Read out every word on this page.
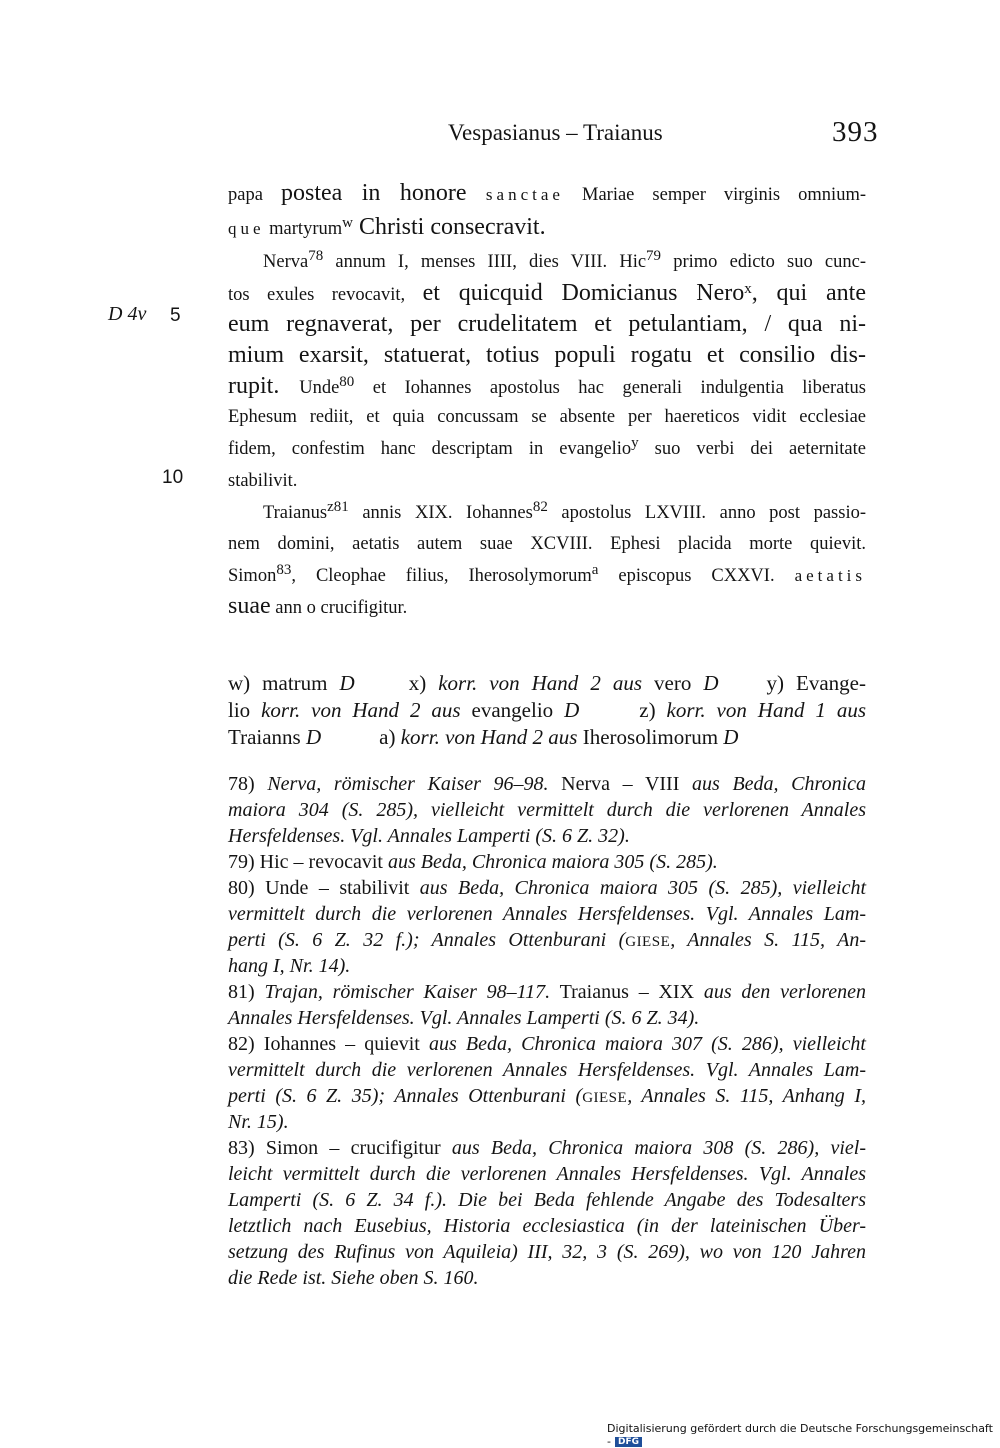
Vespasianus – Traianus	393
D 4v 5
10
papa postea in honore sanctae Mariae semper virginis omnium-
que martyrum$^w$ Christi consecravit.
Nerva$^{78}$ annum I, menses IIII, dies VIII. Hic$^{79}$ primo edicto suo cunc-
tos exules revocavit, et quicquid Domicianus Nero$^x$, qui ante
eum regnaverat, per crudelitatem et petulantiam, / qua ni-
mium exarsit, statuerat, totius populi rogatu et consilio dis-
rupit. Unde$^{80}$ et Iohannes apostolus hac generali indulgentia liberatus
Ephesum rediit, et quia concussam se absente per haereticos vidit ecclesiae
fidem, confestim hanc descriptam in evangelio$^y$ suo verbi dei aeternitate
stabilivit.
Traianus$^{z81}$ annis XIX. Iohannes$^{82}$ apostolus LXVIII. anno post passio-
nem domini, aetatis autem suae XCVIII. Ephesi placida morte quievit.
Simon$^{83}$, Cleophae filius, Iherosolymorum$^a$ episcopus CXXVI. aetatis
suae ann o crucifigitur.
w) matrum D	x) korr. von Hand 2 aus vero D y) Evange-
lio korr. von Hand 2 aus evangelio D	z) korr. von Hand 1 aus
Traianns D	a) korr. von Hand 2 aus Iherosolimorum D
78) Nerva, römischer Kaiser 96–98. Nerva – VIII aus Beda, Chronica
maiora 304 (S. 285), vielleicht vermittelt durch die verlorenen Annales
Hersfeldenses. Vgl. Annales Lamperti (S. 6 Z. 32).
79) Hic – revocavit aus Beda, Chronica maiora 305 (S. 285).
80) Unde – stabilivit aus Beda, Chronica maiora 305 (S. 285), vielleicht
vermittelt durch die verlorenen Annales Hersfeldenses. Vgl. Annales Lam-
perti (S. 6 Z. 32 f.); Annales Ottenburani (GIESE, Annales S. 115, An-
hang I, Nr. 14).
81) Trajan, römischer Kaiser 98–117. Traianus – XIX aus den verlorenen
Annales Hersfeldenses. Vgl. Annales Lamperti (S. 6 Z. 34).
82) Iohannes – quievit aus Beda, Chronica maiora 307 (S. 286), vielleicht
vermittelt durch die verlorenen Annales Hersfeldenses. Vgl. Annales Lam-
perti (S. 6 Z. 35); Annales Ottenburani (GIESE, Annales S. 115, Anhang I,
Nr. 15).
83) Simon – crucifigitur aus Beda, Chronica maiora 308 (S. 286), viel-
leicht vermittelt durch die verlorenen Annales Hersfeldenses. Vgl. Annales
Lamperti (S. 6 Z. 34 f.). Die bei Beda fehlende Angabe des Todesalters
letztlich nach Eusebius, Historia ecclesiastica (in der lateinischen Über-
setzung des Rufinus von Aquileia) III, 32, 3 (S. 269), wo von 120 Jahren
die Rede ist. Siehe oben S. 160.
Digitalisierung gefördert durch die Deutsche Forschungsgemeinschaft - DFG
